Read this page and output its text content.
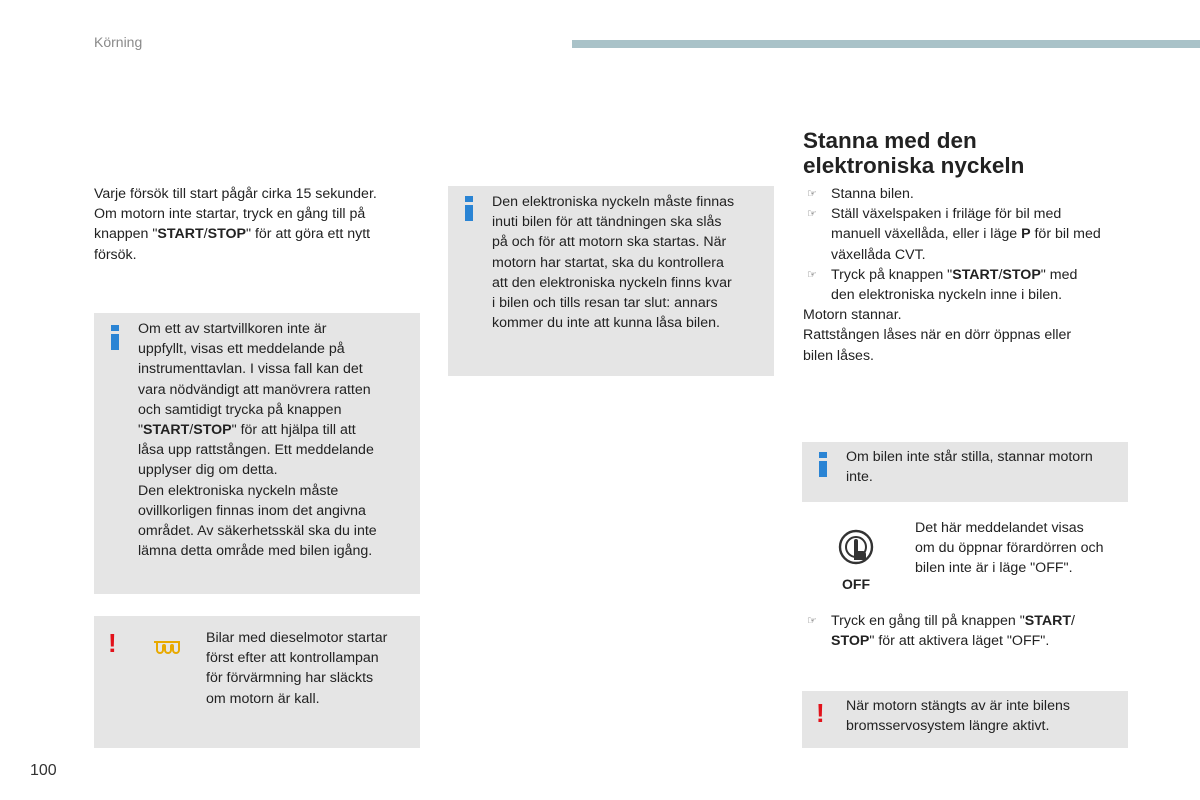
Körning

Varje försök till start pågår cirka 15 sekunder.

Om motorn inte startar, tryck en gång till på

knappen "START/STOP" för att göra ett nytt

försök.

Om ett av startvillkoren inte är

uppfyllt, visas ett meddelande på

instrumenttavlan. I vissa fall kan det

vara nödvändigt att manövrera ratten

och samtidigt trycka på knappen

"START/STOP" för att hjälpa till att

låsa upp rattstången. Ett meddelande

upplyser dig om detta.

Den elektroniska nyckeln måste

ovillkorligen finnas inom det angivna

området. Av säkerhetsskäl ska du inte

lämna detta område med bilen igång.

!	Bilar med dieselmotor startar

först efter att kontrollampan

för förvärmning har släckts

om motorn är kall.

Den elektroniska nyckeln måste finnas

inuti bilen för att tändningen ska slås

på och för att motorn ska startas. När

motorn har startat, ska du kontrollera

att den elektroniska nyckeln finns kvar

i bilen och tills resan tar slut: annars

kommer du inte att kunna låsa bilen.

Stanna med den
elektroniska nyckeln
☞ Stanna bilen.

☞ Ställ växelspaken i friläge för bil med

manuell växellåda, eller i läge P för bil med

växellåda CVT.

☞ Tryck på knappen "START/STOP" med

den elektroniska nyckeln inne i bilen.

Motorn stannar.

Rattstången låses när en dörr öppnas eller

bilen låses.

Om bilen inte står stilla, stannar motorn

inte.

OFF

Det här meddelandet visas

om du öppnar förardörren och

bilen inte är i läge "OFF".

☞ Tryck en gång till på knappen "START/

STOP" för att aktivera läget "OFF".

! När motorn stängts av är inte bilens

bromsservosystem längre aktivt.

100
